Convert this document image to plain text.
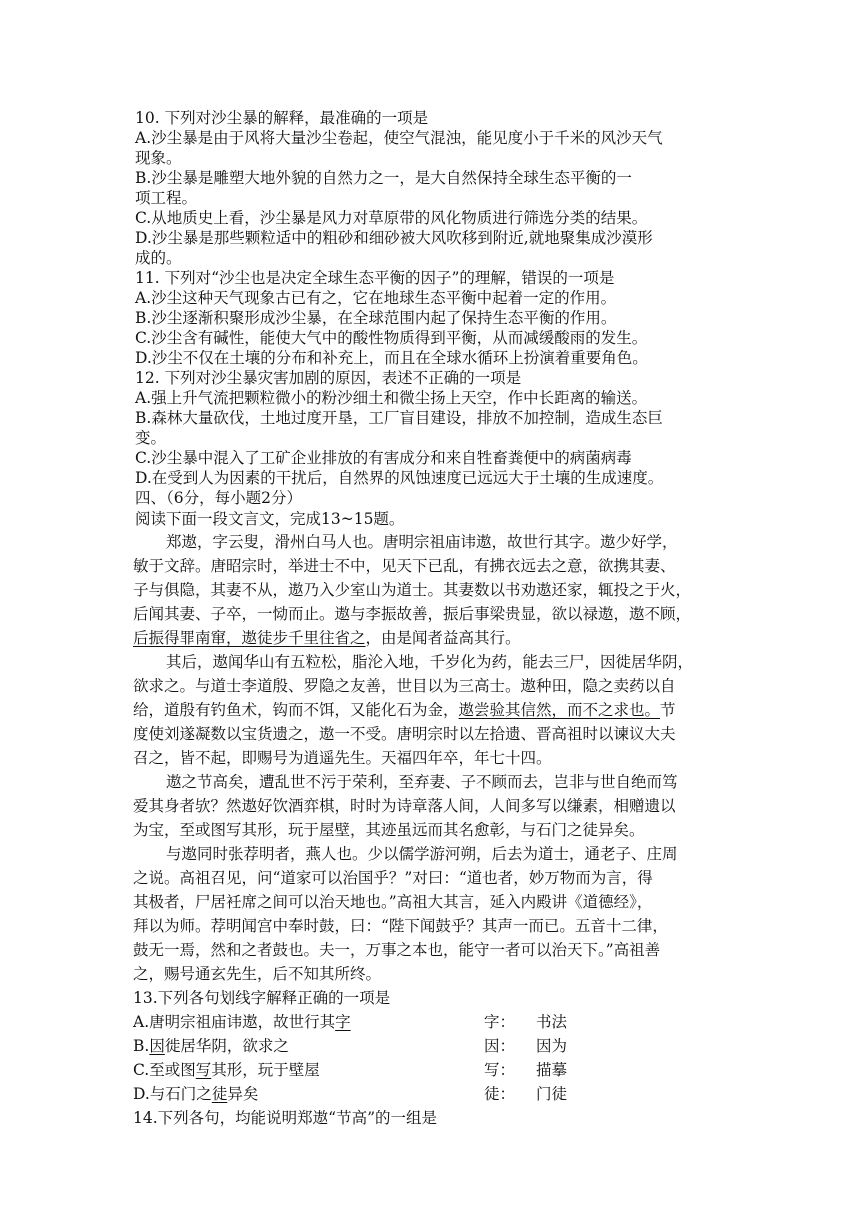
10. 下列对沙尘暴的解释，最准确的一项是
A.沙尘暴是由于风将大量沙尘卷起，使空气混浊，能见度小于千米的风沙天气
现象。
B.沙尘暴是雕塑大地外貌的自然力之一，是大自然保持全球生态平衡的一
项工程。
C.从地质史上看，沙尘暴是风力对草原带的风化物质进行筛选分类的结果。
D.沙尘暴是那些颗粒适中的粗砂和细砂被大风吹移到附近,就地聚集成沙漠形
成的。
11. 下列对“沙尘也是决定全球生态平衡的因子”的理解，错误的一项是
A.沙尘这种天气现象古已有之，它在地球生态平衡中起着一定的作用。
B.沙尘逐渐积聚形成沙尘暴，在全球范围内起了保持生态平衡的作用。
C.沙尘含有碱性，能使大气中的酸性物质得到平衡，从而减缓酸雨的发生。
D.沙尘不仅在土壤的分布和补充上，而且在全球水循环上扮演着重要角色。
12. 下列对沙尘暴灾害加剧的原因，表述不正确的一项是
A.强上升气流把颗粒微小的粉沙细土和微尘扬上天空，作中长距离的输送。
B.森林大量砍伐，土地过度开垦，工厂盲目建设，排放不加控制，造成生态巨
变。
C.沙尘暴中混入了工矿企业排放的有害成分和来自牲畜粪便中的病菌病毒
D.在受到人为因素的干扰后，自然界的风蚀速度已远远大于土壤的生成速度。
四、（6分，每小题2分）
阅读下面一段文言文，完成13~15题。
郑遨，字云叟，滑州白马人也。唐明宗祖庙讳遨，故世行其字。遨少好学，
敏于文辞。唐昭宗时，举进士不中，见天下已乱，有拂衣远去之意，欲携其妻、
子与俱隐，其妻不从，遨乃入少室山为道士。其妻数以书劝遨还家，辄投之于火，
后闻其妻、子卒，一恸而止。遨与李振故善，振后事梁贵显，欲以禄遨，遨不顾，
后振得罪南窜，遨徒步千里往省之，由是闻者益高其行。
其后，遨闻华山有五粒松，脂沦入地，千岁化为药，能去三尸，因徙居华阴，
欲求之。与道士李道殷、罗隐之友善，世目以为三高士。遨种田，隐之卖药以自
给，道殷有钓鱼术，钩而不饵，又能化石为金，遨尝验其信然，而不之求也。节
度使刘遂凝数以宝货遗之，遨一不受。唐明宗时以左拾遗、晋高祖时以谏议大夫
召之，皆不起，即赐号为逍遥先生。天福四年卒，年七十四。
遨之节高矣，遭乱世不污于荣利，至弃妻、子不顾而去，岂非与世自绝而笃
爱其身者欤？然遨好饮酒弈棋，时时为诗章落人间，人间多写以缣素，相赠遗以
为宝，至或图写其形，玩于屋壁，其迹虽远而其名愈彰，与石门之徒异矣。
与遨同时张荐明者，燕人也。少以儒学游河朔，后去为道士，通老子、庄周
之说。高祖召见，问“道家可以治国乎？”对曰：“道也者，妙万物而为言，得
其极者，尸居衽席之间可以治天地也。”高祖大其言，延入内殿讲《道德经》，
拜以为师。荐明闻宫中奉时鼓，曰：“陛下闻鼓乎？其声一而已。五音十二律，
鼓无一焉，然和之者鼓也。夫一，万事之本也，能守一者可以治天下。”高祖善
之，赐号通玄先生，后不知其所终。
13.下列各句划线字解释正确的一项是
A.唐明宗祖庙讳遨，故世行其字	字： 书法
B.因徙居华阴，欲求之	因： 因为
C.至或图写其形，玩于壁屋	写： 描摹
D.与石门之徒异矣	徒： 门徒
14.下列各句，均能说明郑遨“节高”的一组是
